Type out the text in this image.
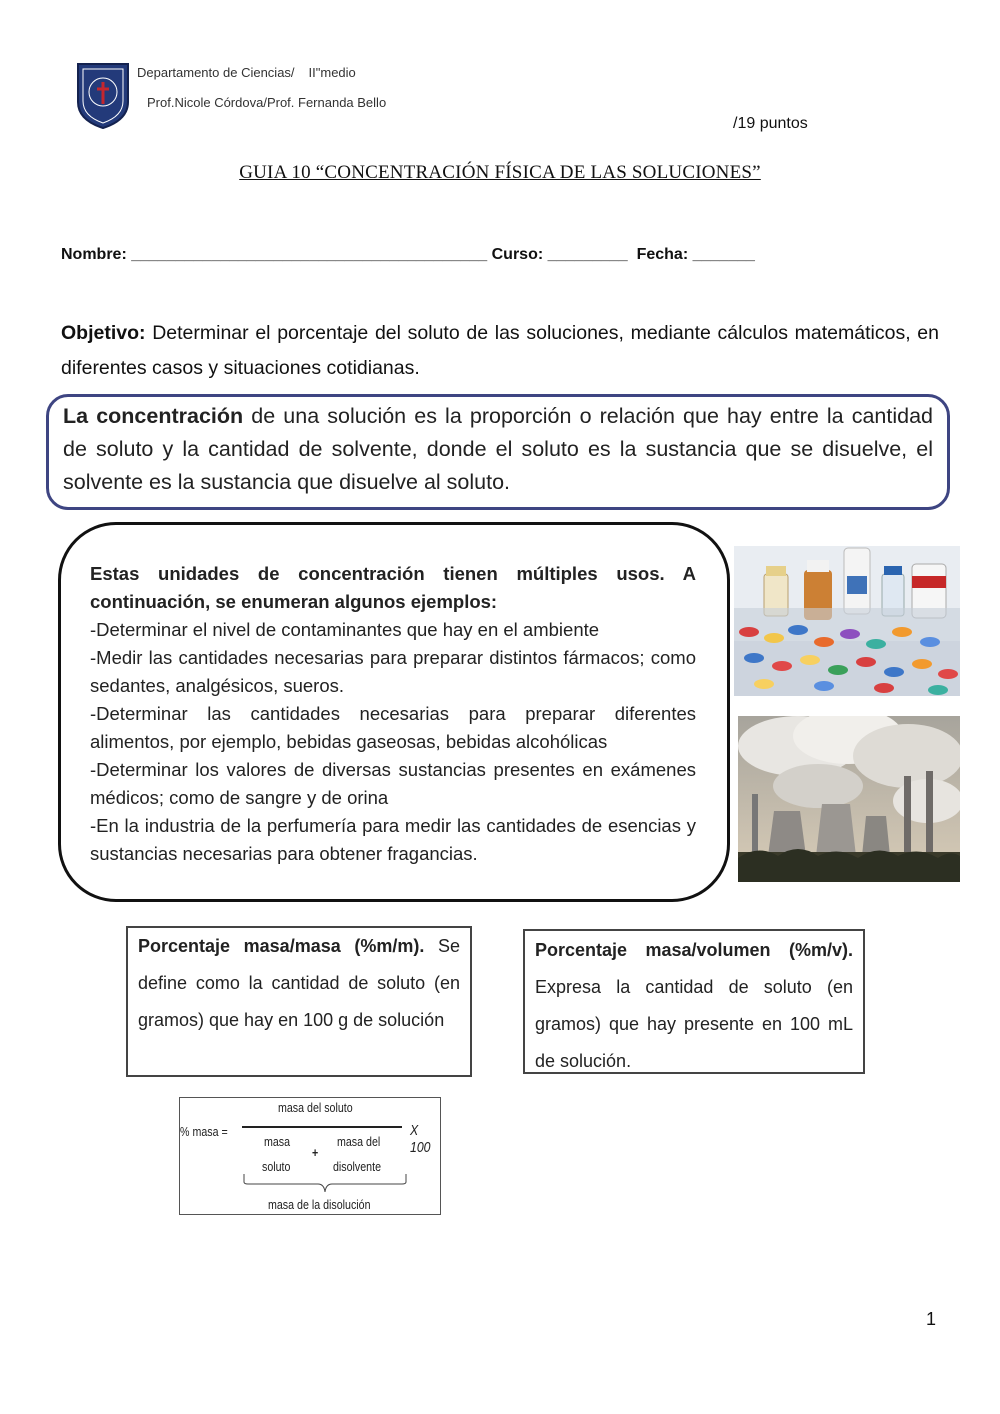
Departamento de Ciencias/ II"medio
Prof.Nicole Córdova/Prof. Fernanda Bello
/19 puntos
GUIA 10 “CONCENTRACIÓN FÍSICA DE LAS SOLUCIONES”
Nombre: ________________________________________ Curso: _________  Fecha: _______
Objetivo: Determinar el porcentaje del soluto de las soluciones, mediante cálculos matemáticos, en diferentes casos y situaciones cotidianas.
La concentración de una solución es la proporción o relación que hay entre la cantidad de soluto y la cantidad de solvente, donde el soluto es la sustancia que se disuelve, el solvente es la sustancia que disuelve al soluto.

Estas unidades de concentración tienen múltiples usos. A continuación, se enumeran algunos ejemplos:

-Determinar el nivel de contaminantes que hay en el ambiente

-Medir las cantidades necesarias para preparar distintos fármacos; como sedantes, analgésicos, sueros.

-Determinar las cantidades necesarias para preparar diferentes alimentos, por ejemplo, bebidas gaseosas, bebidas alcohólicas

-Determinar los valores de diversas sustancias presentes en exámenes médicos; como de sangre y de orina

-En la industria de la perfumería para medir las cantidades de esencias y sustancias necesarias para obtener fragancias.

Porcentaje masa/masa (%m/m). Se define como la cantidad de soluto (en gramos) que hay en 100 g de solución
Porcentaje masa/volumen (%m/v). Expresa la cantidad de soluto (en gramos) que hay presente en 100 mL de solución.
% masa =
masa del soluto
masa
soluto
+
masa del
disolvente
X 100
masa de la disolución
1
